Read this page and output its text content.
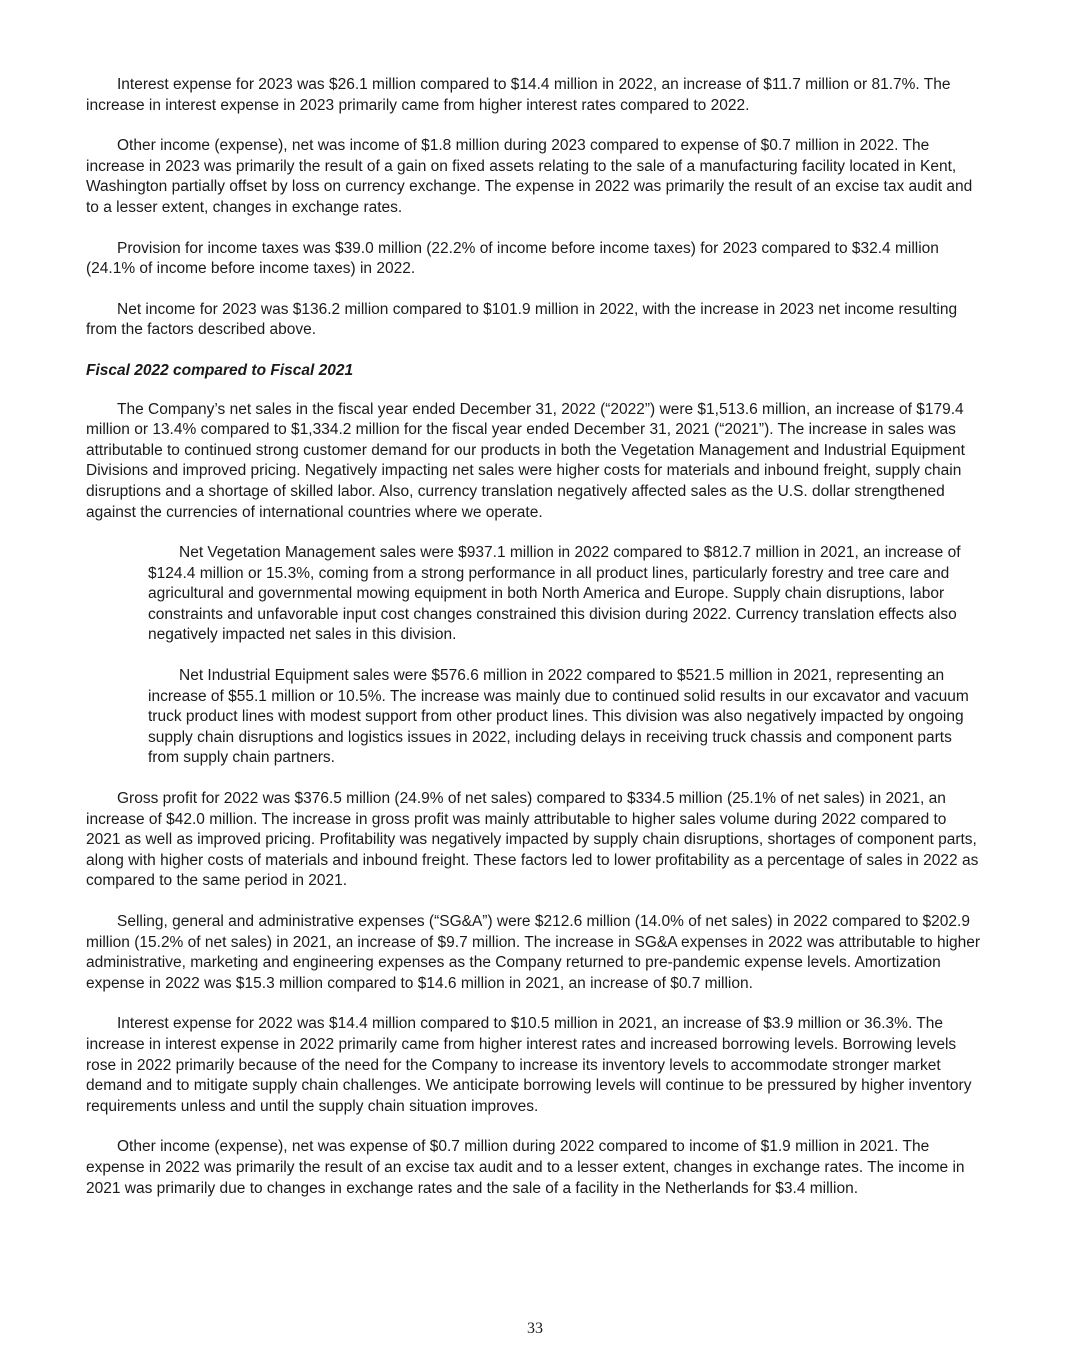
Interest expense for 2023 was $26.1 million compared to $14.4 million in 2022, an increase of $11.7 million or 81.7%. The increase in interest expense in 2023 primarily came from higher interest rates compared to 2022.

Other income (expense), net was income of $1.8 million during 2023 compared to expense of $0.7 million in 2022. The increase in 2023 was primarily the result of a gain on fixed assets relating to the sale of a manufacturing facility located in Kent, Washington partially offset by loss on currency exchange. The expense in 2022 was primarily the result of an excise tax audit and to a lesser extent, changes in exchange rates.

Provision for income taxes was $39.0 million (22.2% of income before income taxes) for 2023 compared to $32.4 million (24.1% of income before income taxes) in 2022.

Net income for 2023 was $136.2 million compared to $101.9 million in 2022, with the increase in 2023 net income resulting from the factors described above.

Fiscal 2022 compared to Fiscal 2021

The Company’s net sales in the fiscal year ended December 31, 2022 (“2022”) were $1,513.6 million, an increase of $179.4 million or 13.4% compared to $1,334.2 million for the fiscal year ended December 31, 2021 (“2021”). The increase in sales was attributable to continued strong customer demand for our products in both the Vegetation Management and Industrial Equipment Divisions and improved pricing. Negatively impacting net sales were higher costs for materials and inbound freight, supply chain disruptions and a shortage of skilled labor. Also, currency translation negatively affected sales as the U.S. dollar strengthened against the currencies of international countries where we operate.

Net Vegetation Management sales were $937.1 million in 2022 compared to $812.7 million in 2021, an increase of $124.4 million or 15.3%, coming from a strong performance in all product lines, particularly forestry and tree care and agricultural and governmental mowing equipment in both North America and Europe. Supply chain disruptions, labor constraints and unfavorable input cost changes constrained this division during 2022. Currency translation effects also negatively impacted net sales in this division.

Net Industrial Equipment sales were $576.6 million in 2022 compared to $521.5 million in 2021, representing an increase of $55.1 million or 10.5%. The increase was mainly due to continued solid results in our excavator and vacuum truck product lines with modest support from other product lines. This division was also negatively impacted by ongoing supply chain disruptions and logistics issues in 2022, including delays in receiving truck chassis and component parts from supply chain partners.

Gross profit for 2022 was $376.5 million (24.9% of net sales) compared to $334.5 million (25.1% of net sales) in 2021, an increase of $42.0 million. The increase in gross profit was mainly attributable to higher sales volume during 2022 compared to 2021 as well as improved pricing. Profitability was negatively impacted by supply chain disruptions, shortages of component parts, along with higher costs of materials and inbound freight. These factors led to lower profitability as a percentage of sales in 2022 as compared to the same period in 2021.

Selling, general and administrative expenses (“SG&A”) were $212.6 million (14.0% of net sales) in 2022 compared to $202.9 million (15.2% of net sales) in 2021, an increase of $9.7 million. The increase in SG&A expenses in 2022 was attributable to higher administrative, marketing and engineering expenses as the Company returned to pre-pandemic expense levels. Amortization expense in 2022 was $15.3 million compared to $14.6 million in 2021, an increase of $0.7 million.

Interest expense for 2022 was $14.4 million compared to $10.5 million in 2021, an increase of $3.9 million or 36.3%. The increase in interest expense in 2022 primarily came from higher interest rates and increased borrowing levels. Borrowing levels rose in 2022 primarily because of the need for the Company to increase its inventory levels to accommodate stronger market demand and to mitigate supply chain challenges. We anticipate borrowing levels will continue to be pressured by higher inventory requirements unless and until the supply chain situation improves.

Other income (expense), net was expense of $0.7 million during 2022 compared to income of $1.9 million in 2021. The expense in 2022 was primarily the result of an excise tax audit and to a lesser extent, changes in exchange rates. The income in 2021 was primarily due to changes in exchange rates and the sale of a facility in the Netherlands for $3.4 million.

33
